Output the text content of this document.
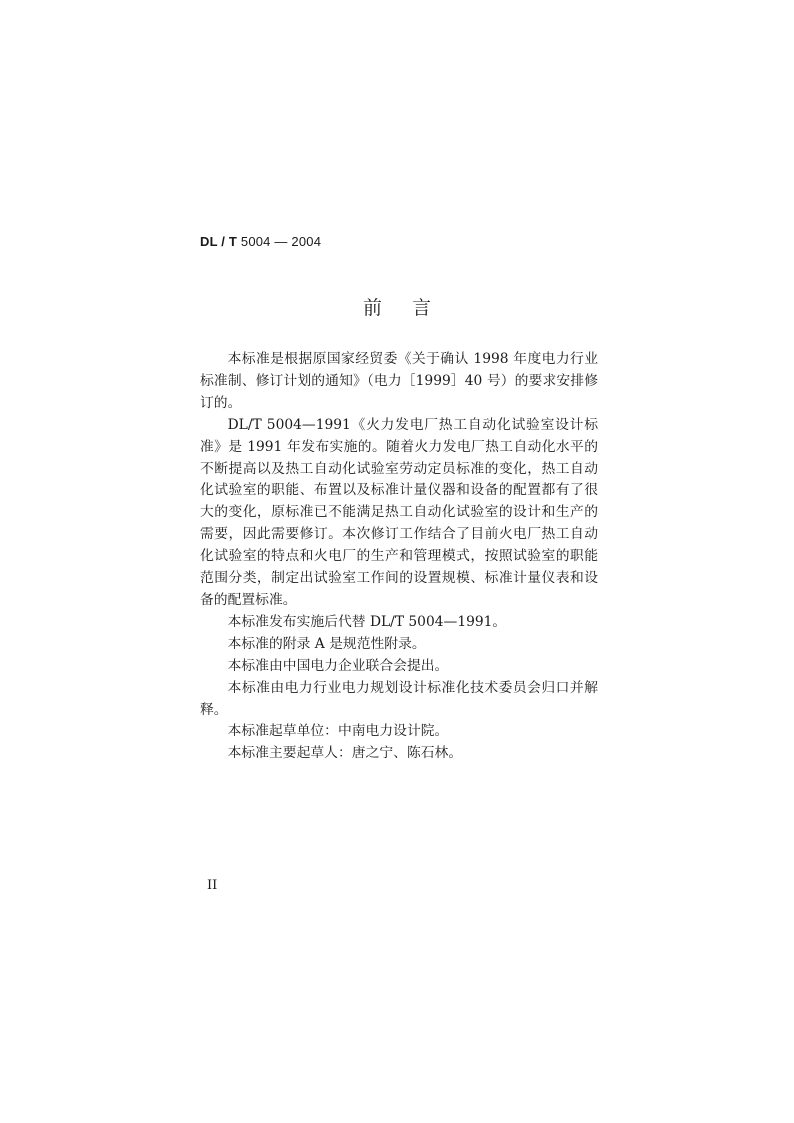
DL / T 5004 — 2004
前言

本标准是根据原国家经贸委《关于确认 1998 年度电力行业标准制、修订计划的通知》（电力［1999］40 号）的要求安排修订的。

DL/T 5004—1991《火力发电厂热工自动化试验室设计标准》是 1991 年发布实施的。随着火力发电厂热工自动化水平的不断提高以及热工自动化试验室劳动定员标准的变化，热工自动化试验室的职能、布置以及标准计量仪器和设备的配置都有了很大的变化，原标准已不能满足热工自动化试验室的设计和生产的需要，因此需要修订。本次修订工作结合了目前火电厂热工自动化试验室的特点和火电厂的生产和管理模式，按照试验室的职能范围分类，制定出试验室工作间的设置规模、标准计量仪表和设备的配置标准。

本标准发布实施后代替 DL/T 5004—1991。

本标准的附录 A 是规范性附录。

本标准由中国电力企业联合会提出。

本标准由电力行业电力规划设计标准化技术委员会归口并解释。

本标准起草单位：中南电力设计院。

本标准主要起草人：唐之宁、陈石林。

II
